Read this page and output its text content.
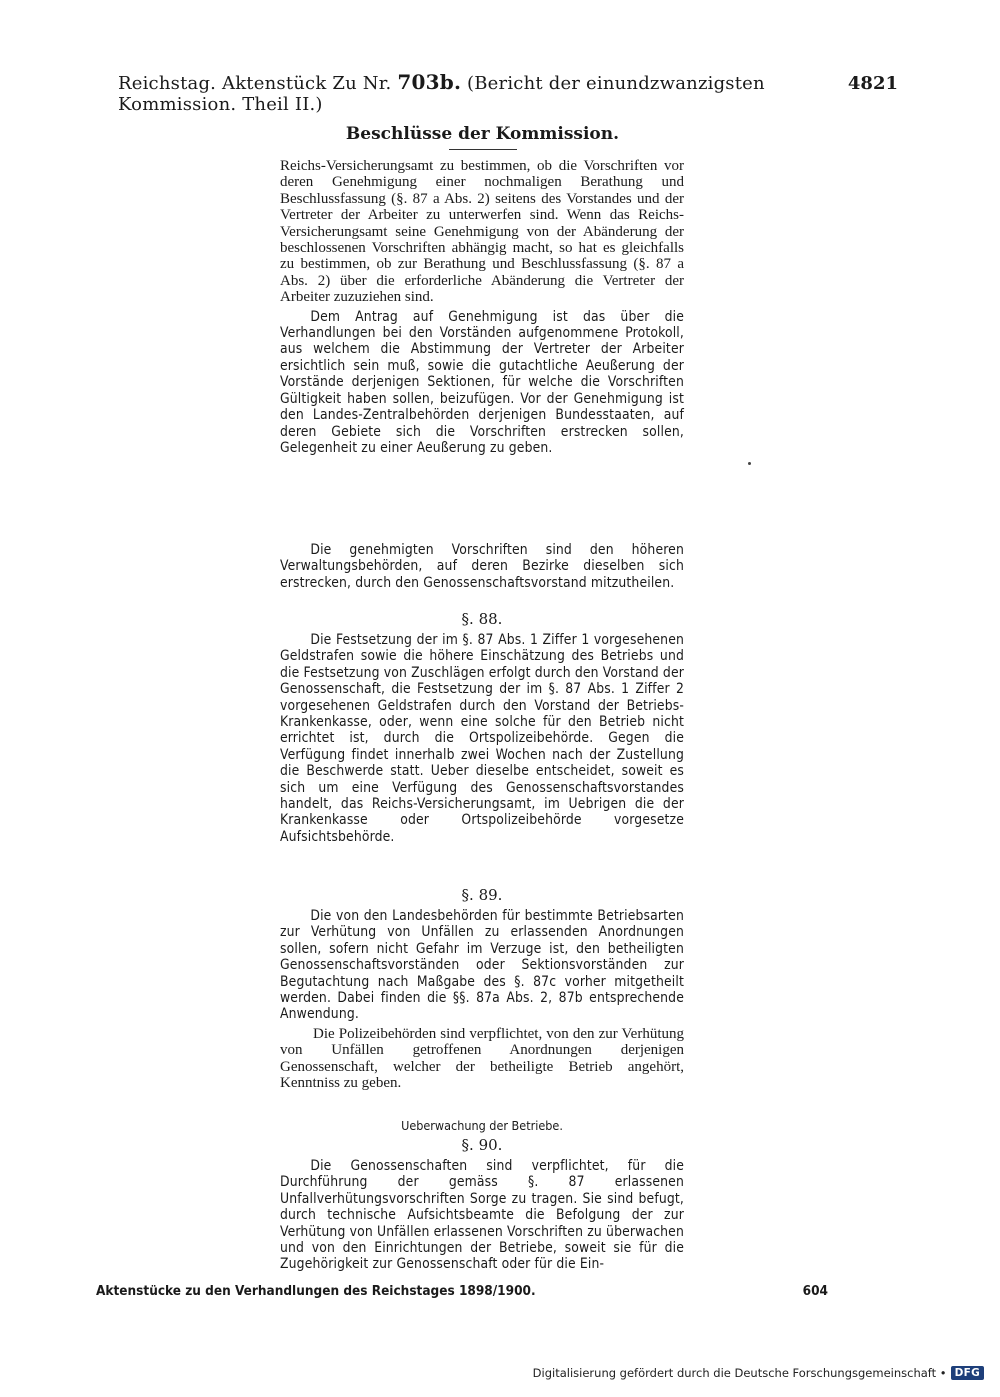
Reichstag. Aktenstück Zu Nr. 703b. (Bericht der einundzwanzigsten Kommission. Theil II.)
4821
Beschlüsse der Kommission.

Reichs-Versicherungsamt zu bestimmen, ob die Vorschriften vor deren Genehmigung einer nochmaligen Berathung und Beschlussfassung (§. 87 a Abs. 2) seitens des Vorstandes und der Vertreter der Arbeiter zu unterwerfen sind. Wenn das Reichs-Versicherungsamt seine Genehmigung von der Abänderung der beschlossenen Vorschriften abhängig macht, so hat es gleichfalls zu bestimmen, ob zur Berathung und Beschlussfassung (§. 87 a Abs. 2) über die erforderliche Abänderung die Vertreter der Arbeiter zuzuziehen sind.

Dem Antrag auf Genehmigung ist das über die Verhandlungen bei den Vorständen aufgenommene Protokoll, aus welchem die Abstimmung der Vertreter der Arbeiter ersichtlich sein muß, sowie die gutachtliche Aeußerung der Vorstände derjenigen Sektionen, für welche die Vorschriften Gültigkeit haben sollen, beizufügen. Vor der Genehmigung ist den Landes-Zentralbehörden derjenigen Bundesstaaten, auf deren Gebiete sich die Vorschriften erstrecken sollen, Gelegenheit zu einer Aeußerung zu geben.

Die genehmigten Vorschriften sind den höheren Verwaltungsbehörden, auf deren Bezirke dieselben sich erstrecken, durch den Genossenschaftsvorstand mitzutheilen.

§. 88.

Die Festsetzung der im §. 87 Abs. 1 Ziffer 1 vorgesehenen Geldstrafen sowie die höhere Einschätzung des Betriebs und die Festsetzung von Zuschlägen erfolgt durch den Vorstand der Genossenschaft, die Festsetzung der im §. 87 Abs. 1 Ziffer 2 vorgesehenen Geldstrafen durch den Vorstand der Betriebs-Krankenkasse, oder, wenn eine solche für den Betrieb nicht errichtet ist, durch die Ortspolizeibehörde. Gegen die Verfügung findet innerhalb zwei Wochen nach der Zustellung die Beschwerde statt. Ueber dieselbe entscheidet, soweit es sich um eine Verfügung des Genossenschaftsvorstandes handelt, das Reichs-Versicherungsamt, im Uebrigen die der Krankenkasse oder Ortspolizeibehörde vorgesetze Aufsichtsbehörde.

§. 89.

Die von den Landesbehörden für bestimmte Betriebsarten zur Verhütung von Unfällen zu erlassenden Anordnungen sollen, sofern nicht Gefahr im Verzuge ist, den betheiligten Genossenschaftsvorständen oder Sektionsvorständen zur Begutachtung nach Maßgabe des §. 87c vorher mitgetheilt werden. Dabei finden die §§. 87a Abs. 2, 87b entsprechende Anwendung.

Die Polizeibehörden sind verpflichtet, von den zur Verhütung von Unfällen getroffenen Anordnungen derjenigen Genossenschaft, welcher der betheiligte Betrieb angehört, Kenntniss zu geben.

Ueberwachung der Betriebe.
§. 90.

Die Genossenschaften sind verpflichtet, für die Durchführung der gemäss §. 87 erlassenen Unfallverhütungsvorschriften Sorge zu tragen. Sie sind befugt, durch technische Aufsichtsbeamte die Befolgung der zur Verhütung von Unfällen erlassenen Vorschriften zu überwachen und von den Einrichtungen der Betriebe, soweit sie für die Zugehörigkeit zur Genossenschaft oder für die Ein-

Aktenstücke zu den Verhandlungen des Reichstages 1898/1900.	604
Digitalisierung gefördert durch die Deutsche Forschungsgemeinschaft • DFG
